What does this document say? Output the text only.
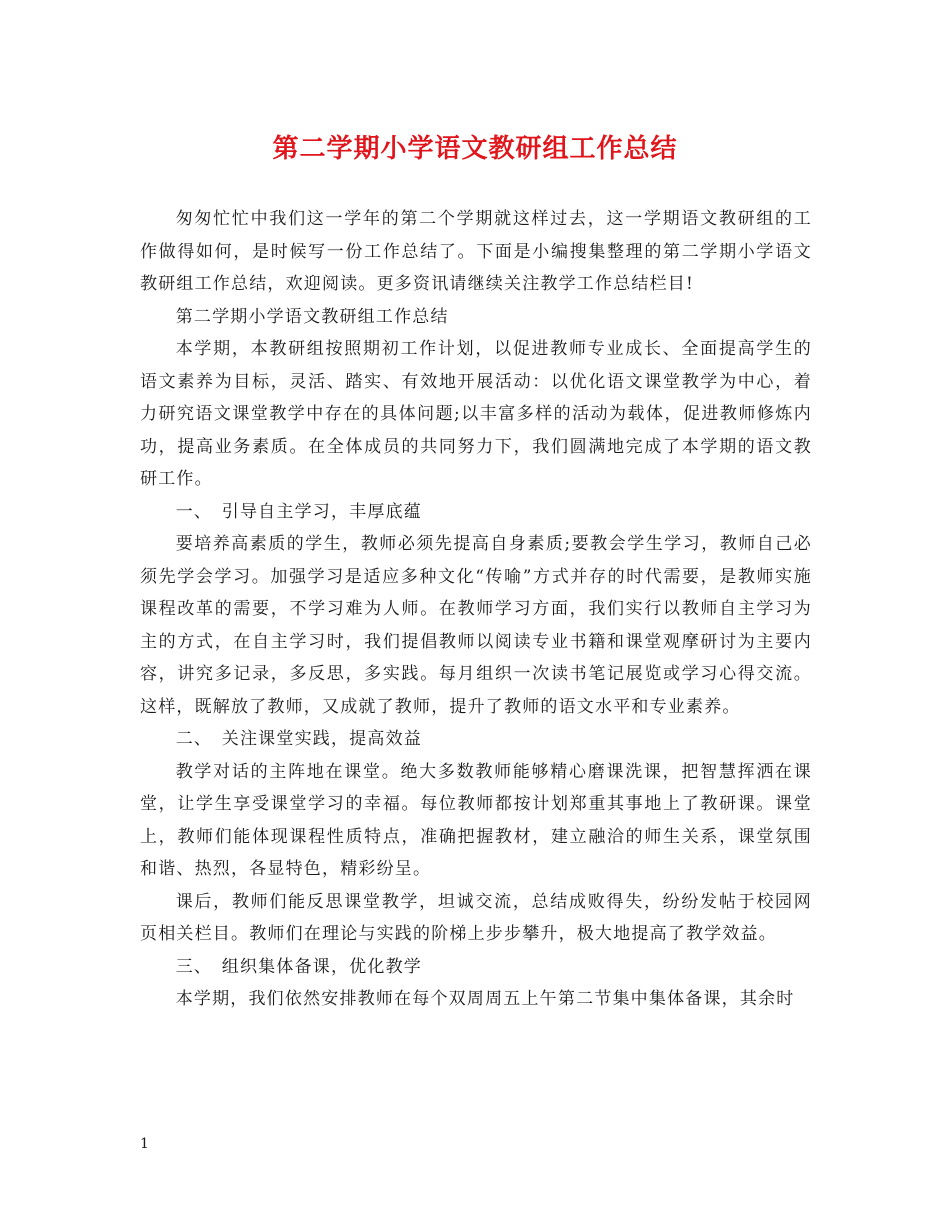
第二学期小学语文教研组工作总结

匆匆忙忙中我们这一学年的第二个学期就这样过去，这一学期语文教研组的工作做得如何，是时候写一份工作总结了。下面是小编搜集整理的第二学期小学语文教研组工作总结，欢迎阅读。更多资讯请继续关注教学工作总结栏目!

第二学期小学语文教研组工作总结

本学期，本教研组按照期初工作计划，以促进教师专业成长、全面提高学生的语文素养为目标，灵活、踏实、有效地开展活动：以优化语文课堂教学为中心，着力研究语文课堂教学中存在的具体问题;以丰富多样的活动为载体，促进教师修炼内功，提高业务素质。在全体成员的共同努力下，我们圆满地完成了本学期的语文教研工作。

一、　引导自主学习，丰厚底蕴

要培养高素质的学生，教师必须先提高自身素质;要教会学生学习，教师自己必须先学会学习。加强学习是适应多种文化“传喻”方式并存的时代需要，是教师实施课程改革的需要，不学习难为人师。在教师学习方面，我们实行以教师自主学习为主的方式，在自主学习时，我们提倡教师以阅读专业书籍和课堂观摩研讨为主要内容，讲究多记录，多反思，多实践。每月组织一次读书笔记展览或学习心得交流。这样，既解放了教师，又成就了教师，提升了教师的语文水平和专业素养。

二、　关注课堂实践，提高效益

教学对话的主阵地在课堂。绝大多数教师能够精心磨课洗课，把智慧挥洒在课堂，让学生享受课堂学习的幸福。每位教师都按计划郑重其事地上了教研课。课堂上，教师们能体现课程性质特点，准确把握教材，建立融洽的师生关系，课堂氛围和谐、热烈，各显特色，精彩纷呈。

课后，教师们能反思课堂教学，坦诚交流，总结成败得失，纷纷发帖于校园网页相关栏目。教师们在理论与实践的阶梯上步步攀升，极大地提高了教学效益。

三、　组织集体备课，优化教学

本学期，我们依然安排教师在每个双周周五上午第二节集中集体备课，其余时

1
